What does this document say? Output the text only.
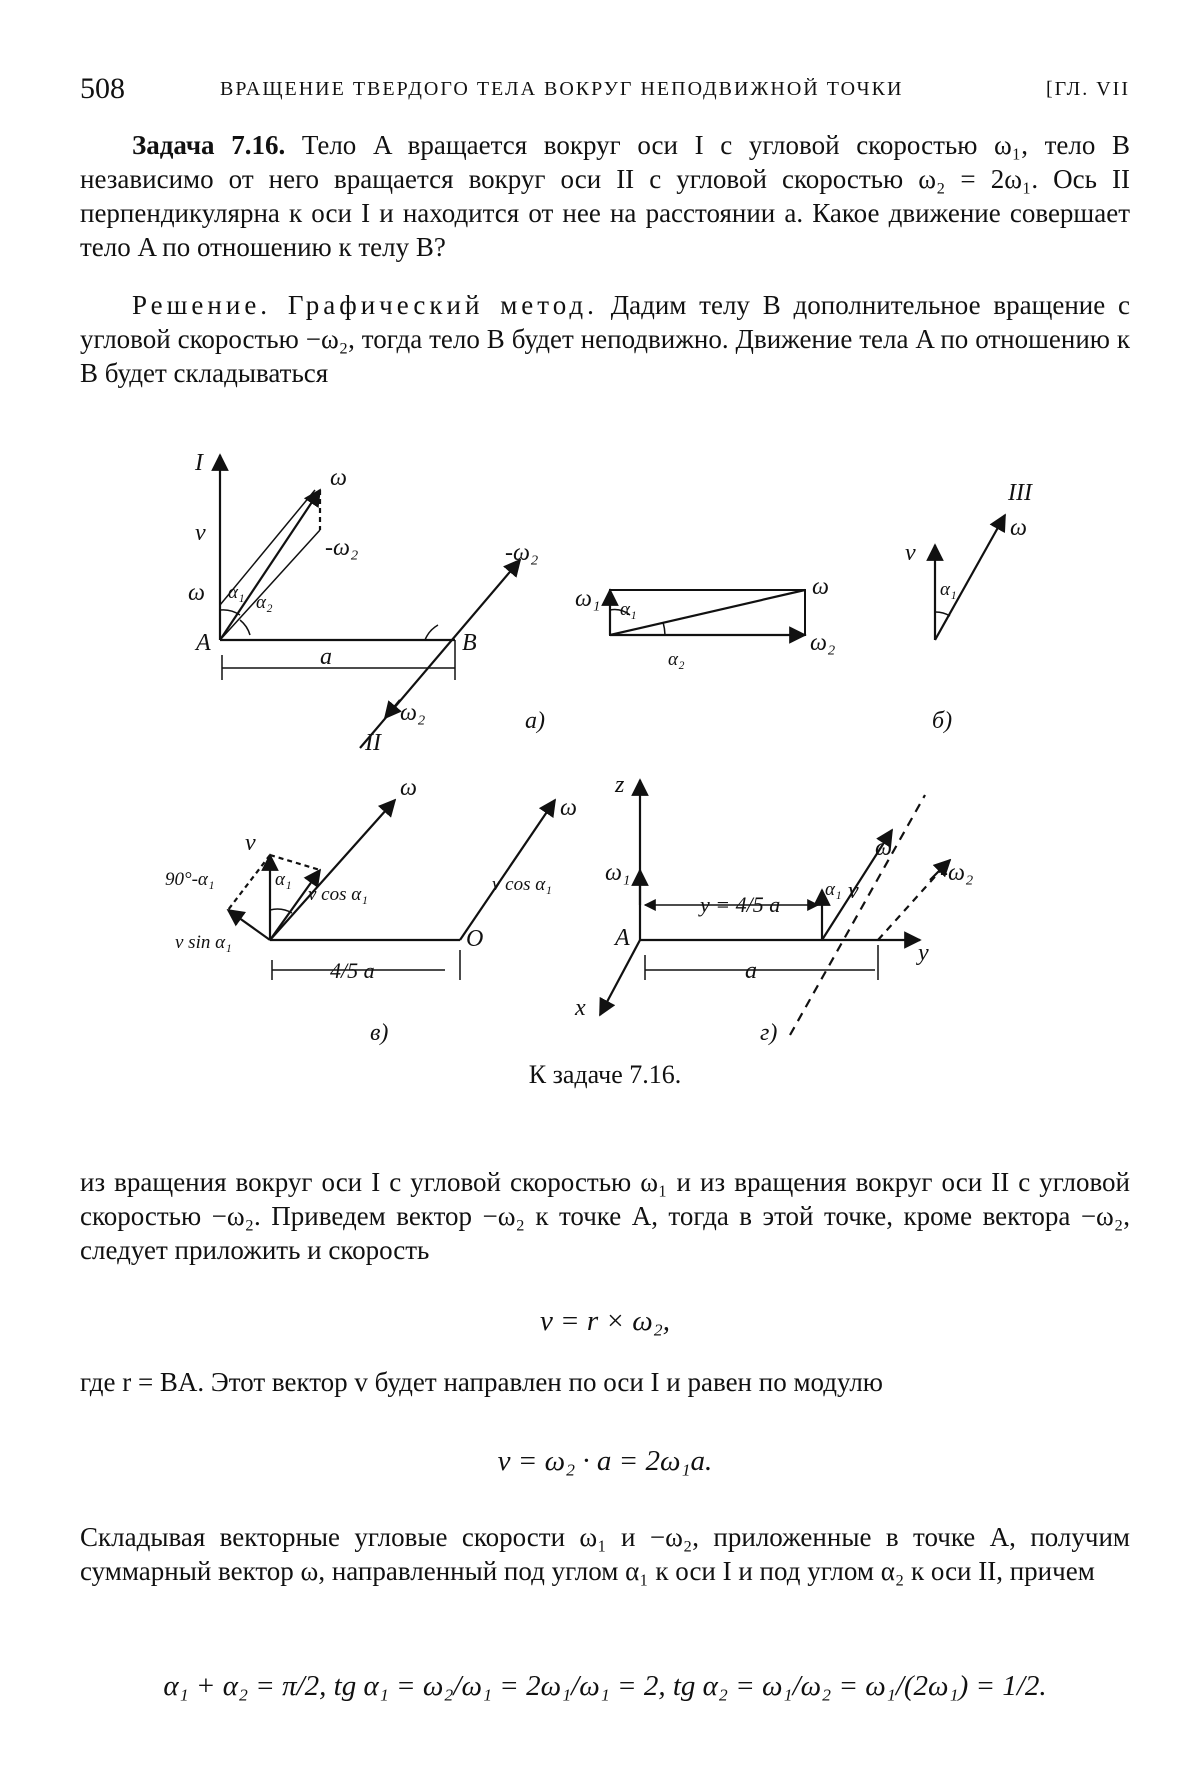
508	ВРАЩЕНИЕ ТВЕРДОГО ТЕЛА ВОКРУГ НЕПОДВИЖНОЙ ТОЧКИ	[ГЛ. VII
Задача 7.16. Тело A вращается вокруг оси I с угловой скоростью ω₁, тело B независимо от него вращается вокруг оси II с угловой скоростью ω₂ = 2ω₁. Ось II перпендикулярна к оси I и находится от нее на расстоянии a. Какое движение совершает тело A по отношению к телу B?
Решение. Графический метод. Дадим телу B дополнительное вращение с угловой скоростью −ω₂, тогда тело B будет неподвижно. Движение тела A по отношению к B будет складываться
I
v
ω
A
ω
-ω₂
α₁ α₂
-ω₂
B
a
ω₂
II
a)
ω₁ α₁
α₂
ω
ω₂
III
ω
v
α₁
б)
v
ω
ω
90°-α₁	α₁
v cos α₁	v cos α₁
v sin α₁	O
4/5 a
в)
z
ω₁
A
x
y
y = 4/5 a
a
α₁ v
ω
-ω₂
г)
К задаче 7.16.
из вращения вокруг оси I с угловой скоростью ω₁ и из вращения вокруг оси II с угловой скоростью −ω₂. Приведем вектор −ω₂ к точке A, тогда в этой точке, кроме вектора −ω₂, следует приложить и скорость
v = r × ω₂,
где r = BA. Этот вектор v будет направлен по оси I и равен по модулю
v = ω₂ · a = 2ω₁a.
Складывая векторные угловые скорости ω₁ и −ω₂, приложенные в точке A, получим суммарный вектор ω, направленный под углом α₁ к оси I и под углом α₂ к оси II, причем
α₁ + α₂ = π/2, tg α₁ = ω₂/ω₁ = 2ω₁/ω₁ = 2, tg α₂ = ω₁/ω₂ = ω₁/(2ω₁) = 1/2.
